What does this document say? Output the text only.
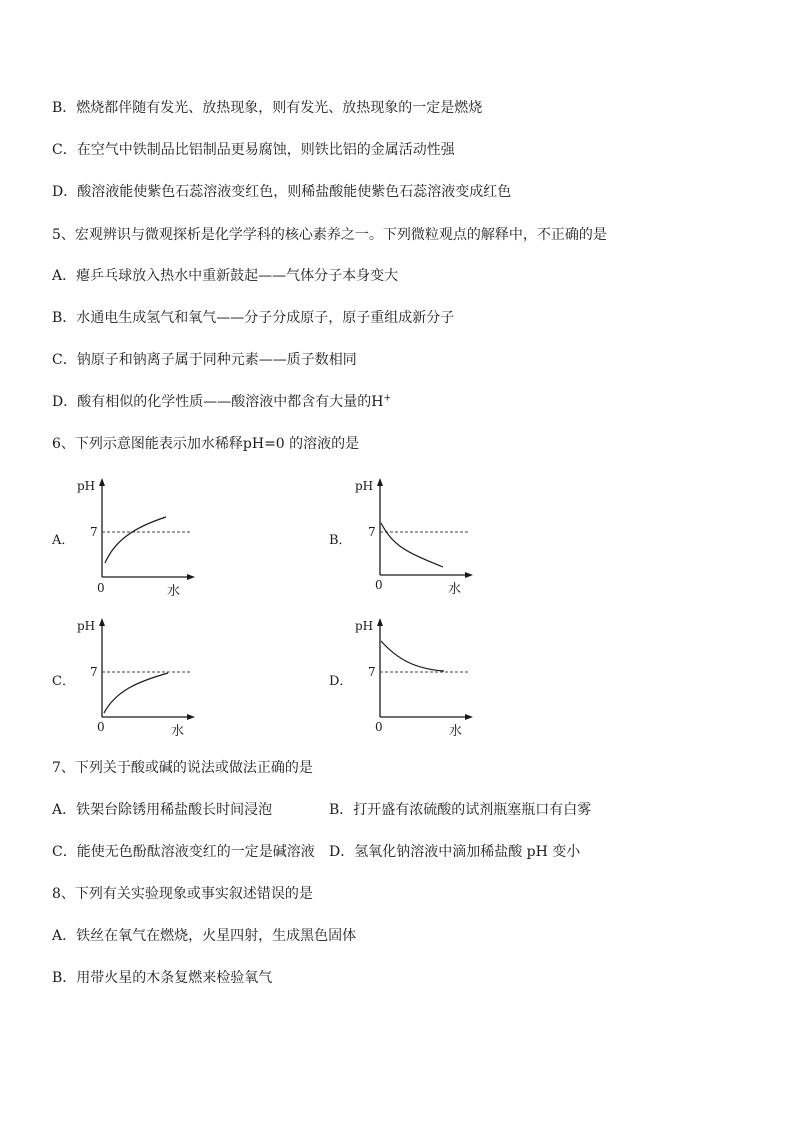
B．燃烧都伴随有发光、放热现象，则有发光、放热现象的一定是燃烧
C．在空气中铁制品比铝制品更易腐蚀，则铁比铝的金属活动性强
D．酸溶液能使紫色石蕊溶液变红色，则稀盐酸能使紫色石蕊溶液变成红色
5、宏观辨识与微观探析是化学学科的核心素养之一。下列微粒观点的解释中，不正确的是
A．瘪乒乓球放入热水中重新鼓起——气体分子本身变大
B．水通电生成氢气和氧气——分子分成原子，原子重组成新分子
C．钠原子和钠离子属于同种元素——质子数相同
D．酸有相似的化学性质——酸溶液中都含有大量的H+
6、下列示意图能表示加水稀释pH=0 的溶液的是
A．	B．
C．	D．
pH
7
0	水
pH
7
0	水
pH
7
0	水
pH
7
0	水
7、下列关于酸或碱的说法或做法正确的是
A．铁架台除锈用稀盐酸长时间浸泡	B．打开盛有浓硫酸的试剂瓶塞瓶口有白雾
C．能使无色酚酞溶液变红的一定是碱溶液 D．氢氧化钠溶液中滴加稀盐酸 pH 变小
8、下列有关实验现象或事实叙述错误的是
A．铁丝在氧气在燃烧，火星四射，生成黑色固体
B．用带火星的木条复燃来检验氧气
